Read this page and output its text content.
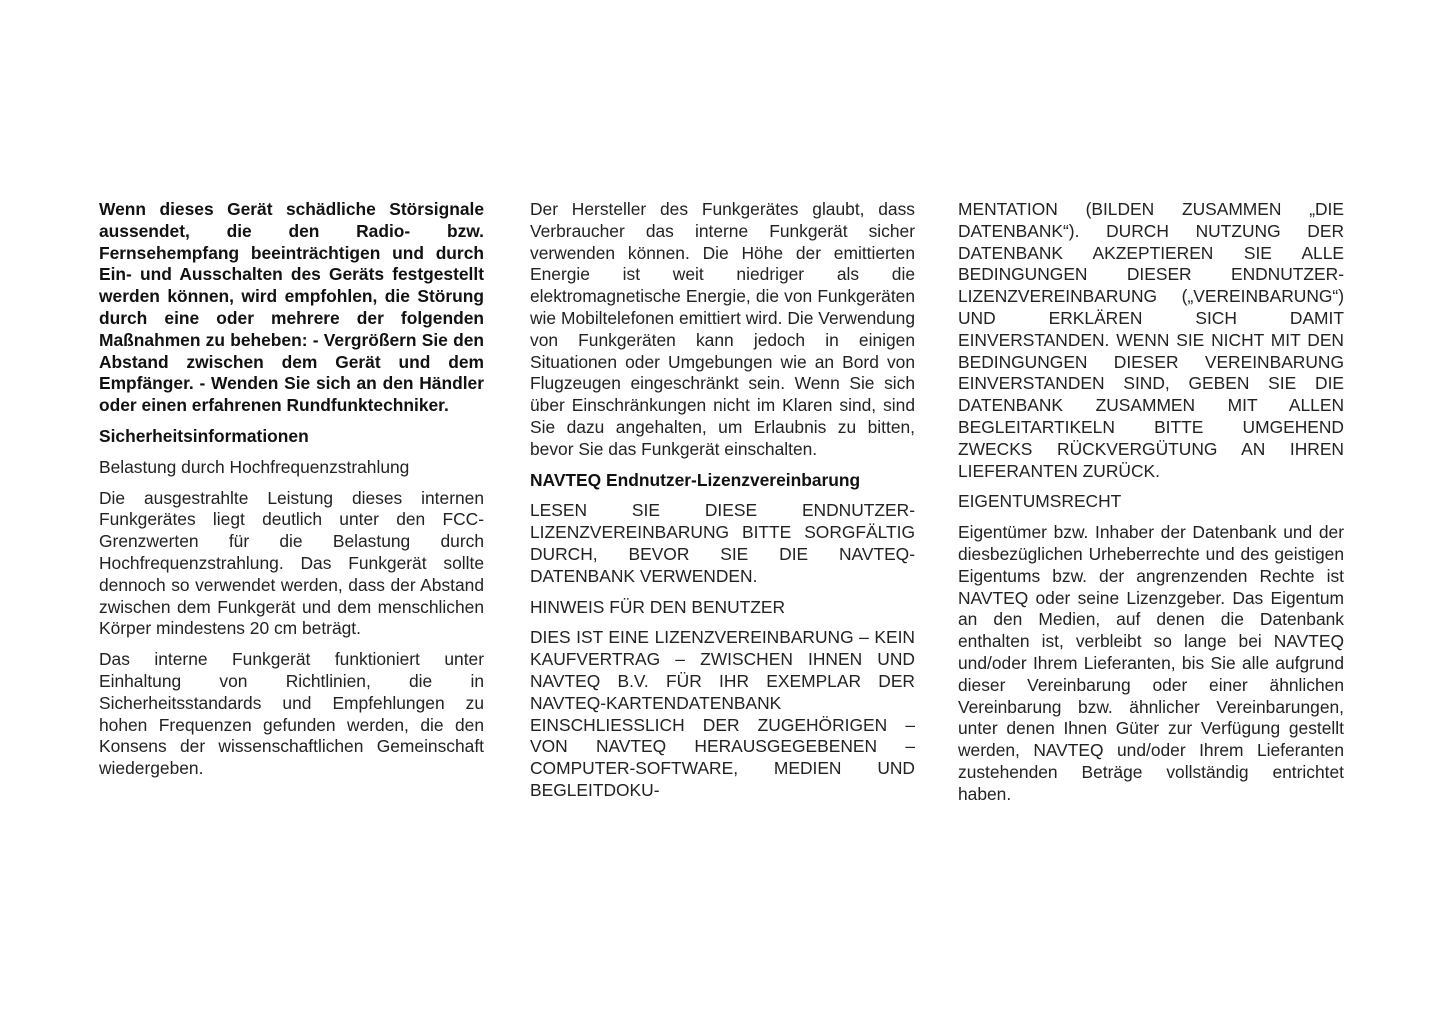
Wenn dieses Gerät schädliche Störsignale aussendet, die den Radio- bzw. Fernsehempfang beeinträchtigen und durch Ein- und Ausschalten des Geräts festgestellt werden können, wird empfohlen, die Störung durch eine oder mehrere der folgenden Maßnahmen zu beheben: - Vergrößern Sie den Abstand zwischen dem Gerät und dem Empfänger. - Wenden Sie sich an den Händler oder einen erfahrenen Rundfunktechniker.

Sicherheitsinformationen

Belastung durch Hochfrequenzstrahlung

Die ausgestrahlte Leistung dieses internen Funkgerätes liegt deutlich unter den FCC-Grenzwerten für die Belastung durch Hochfrequenzstrahlung. Das Funkgerät sollte dennoch so verwendet werden, dass der Abstand zwischen dem Funkgerät und dem menschlichen Körper mindestens 20 cm beträgt.

Das interne Funkgerät funktioniert unter Einhaltung von Richtlinien, die in Sicherheitsstandards und Empfehlungen zu hohen Frequenzen gefunden werden, die den Konsens der wissenschaftlichen Gemeinschaft wiedergeben.

Der Hersteller des Funkgerätes glaubt, dass Verbraucher das interne Funkgerät sicher verwenden können. Die Höhe der emittierten Energie ist weit niedriger als die elektromagnetische Energie, die von Funkgeräten wie Mobiltelefonen emittiert wird. Die Verwendung von Funkgeräten kann jedoch in einigen Situationen oder Umgebungen wie an Bord von Flugzeugen eingeschränkt sein. Wenn Sie sich über Einschränkungen nicht im Klaren sind, sind Sie dazu angehalten, um Erlaubnis zu bitten, bevor Sie das Funkgerät einschalten.

NAVTEQ Endnutzer-Lizenzvereinbarung

LESEN SIE DIESE ENDNUTZER-LIZENZVEREINBARUNG BITTE SORGFÄLTIG DURCH, BEVOR SIE DIE NAVTEQ-DATENBANK VERWENDEN.

HINWEIS FÜR DEN BENUTZER

DIES IST EINE LIZENZVEREINBARUNG – KEIN KAUFVERTRAG – ZWISCHEN IHNEN UND NAVTEQ B.V. FÜR IHR EXEMPLAR DER NAVTEQ-KARTENDATENBANK EINSCHLIESSLICH DER ZUGEHÖRIGEN – VON NAVTEQ HERAUSGEGEBENEN – COMPUTER-SOFTWARE, MEDIEN UND BEGLEITDOKU-

MENTATION (BILDEN ZUSAMMEN „DIE DATENBANK“). DURCH NUTZUNG DER DATENBANK AKZEPTIEREN SIE ALLE BEDINGUNGEN DIESER ENDNUTZER-LIZENZVEREINBARUNG („VEREINBARUNG“) UND ERKLÄREN SICH DAMIT EINVERSTANDEN. WENN SIE NICHT MIT DEN BEDINGUNGEN DIESER VEREINBARUNG EINVERSTANDEN SIND, GEBEN SIE DIE DATENBANK ZUSAMMEN MIT ALLEN BEGLEITARTIKELN BITTE UMGEHEND ZWECKS RÜCKVERGÜTUNG AN IHREN LIEFERANTEN ZURÜCK.

EIGENTUMSRECHT

Eigentümer bzw. Inhaber der Datenbank und der diesbezüglichen Urheberrechte und des geistigen Eigentums bzw. der angrenzenden Rechte ist NAVTEQ oder seine Lizenzgeber. Das Eigentum an den Medien, auf denen die Datenbank enthalten ist, verbleibt so lange bei NAVTEQ und/oder Ihrem Lieferanten, bis Sie alle aufgrund dieser Vereinbarung oder einer ähnlichen Vereinbarung bzw. ähnlicher Vereinbarungen, unter denen Ihnen Güter zur Verfügung gestellt werden, NAVTEQ und/oder Ihrem Lieferanten zustehenden Beträge vollständig entrichtet haben.
